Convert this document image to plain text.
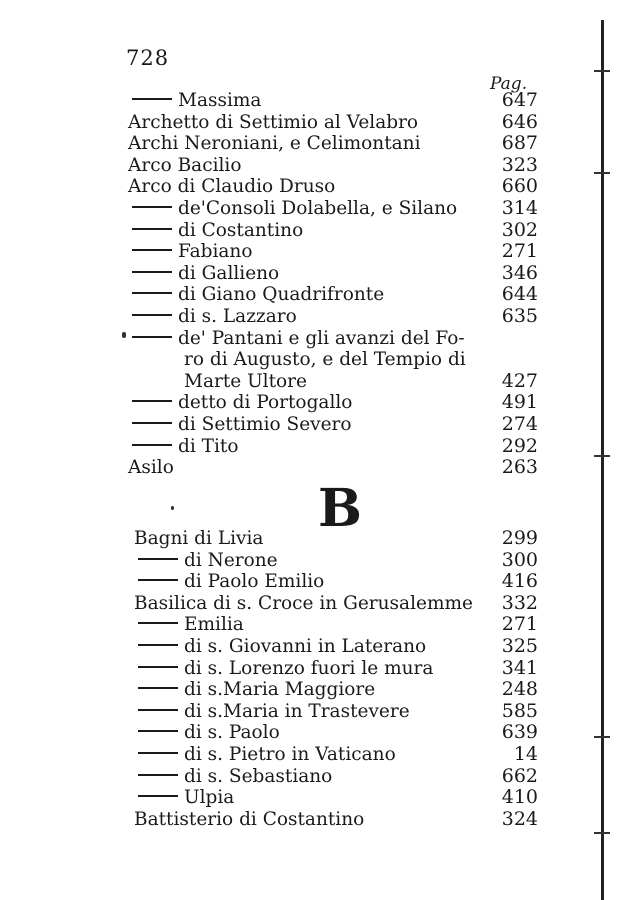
728
Pag.
Massima	647
Archetto di Settimio al Velabro	646
Archi Neroniani, e Celimontani	687
Arco Bacilio	323
Arco di Claudio Druso	660
de'Consoli Dolabella, e Silano 314
di Costantino	302
Fabiano	271
di Gallieno	346
di Giano Quadrifronte	644
di s. Lazzaro	635
de' Pantani e gli avanzi del Fo-
ro di Augusto, e del Tempio di
Marte Ultore	427
detto di Portogallo	491
di Settimio Severo	274
di Tito	292
Asilo	263
B
Bagni di Livia	299
di Nerone	300
di Paolo Emilio	416
Basilica di s. Croce in Gerusalemme 332
Emilia	271
di s. Giovanni in Laterano	325
di s. Lorenzo fuori le mura	341
di s.Maria Maggiore	248
di s.Maria in Trastevere	585
di s. Paolo	639
di s. Pietro in Vaticano	14
di s. Sebastiano	662
Ulpia	410
Battisterio di Costantino	324
